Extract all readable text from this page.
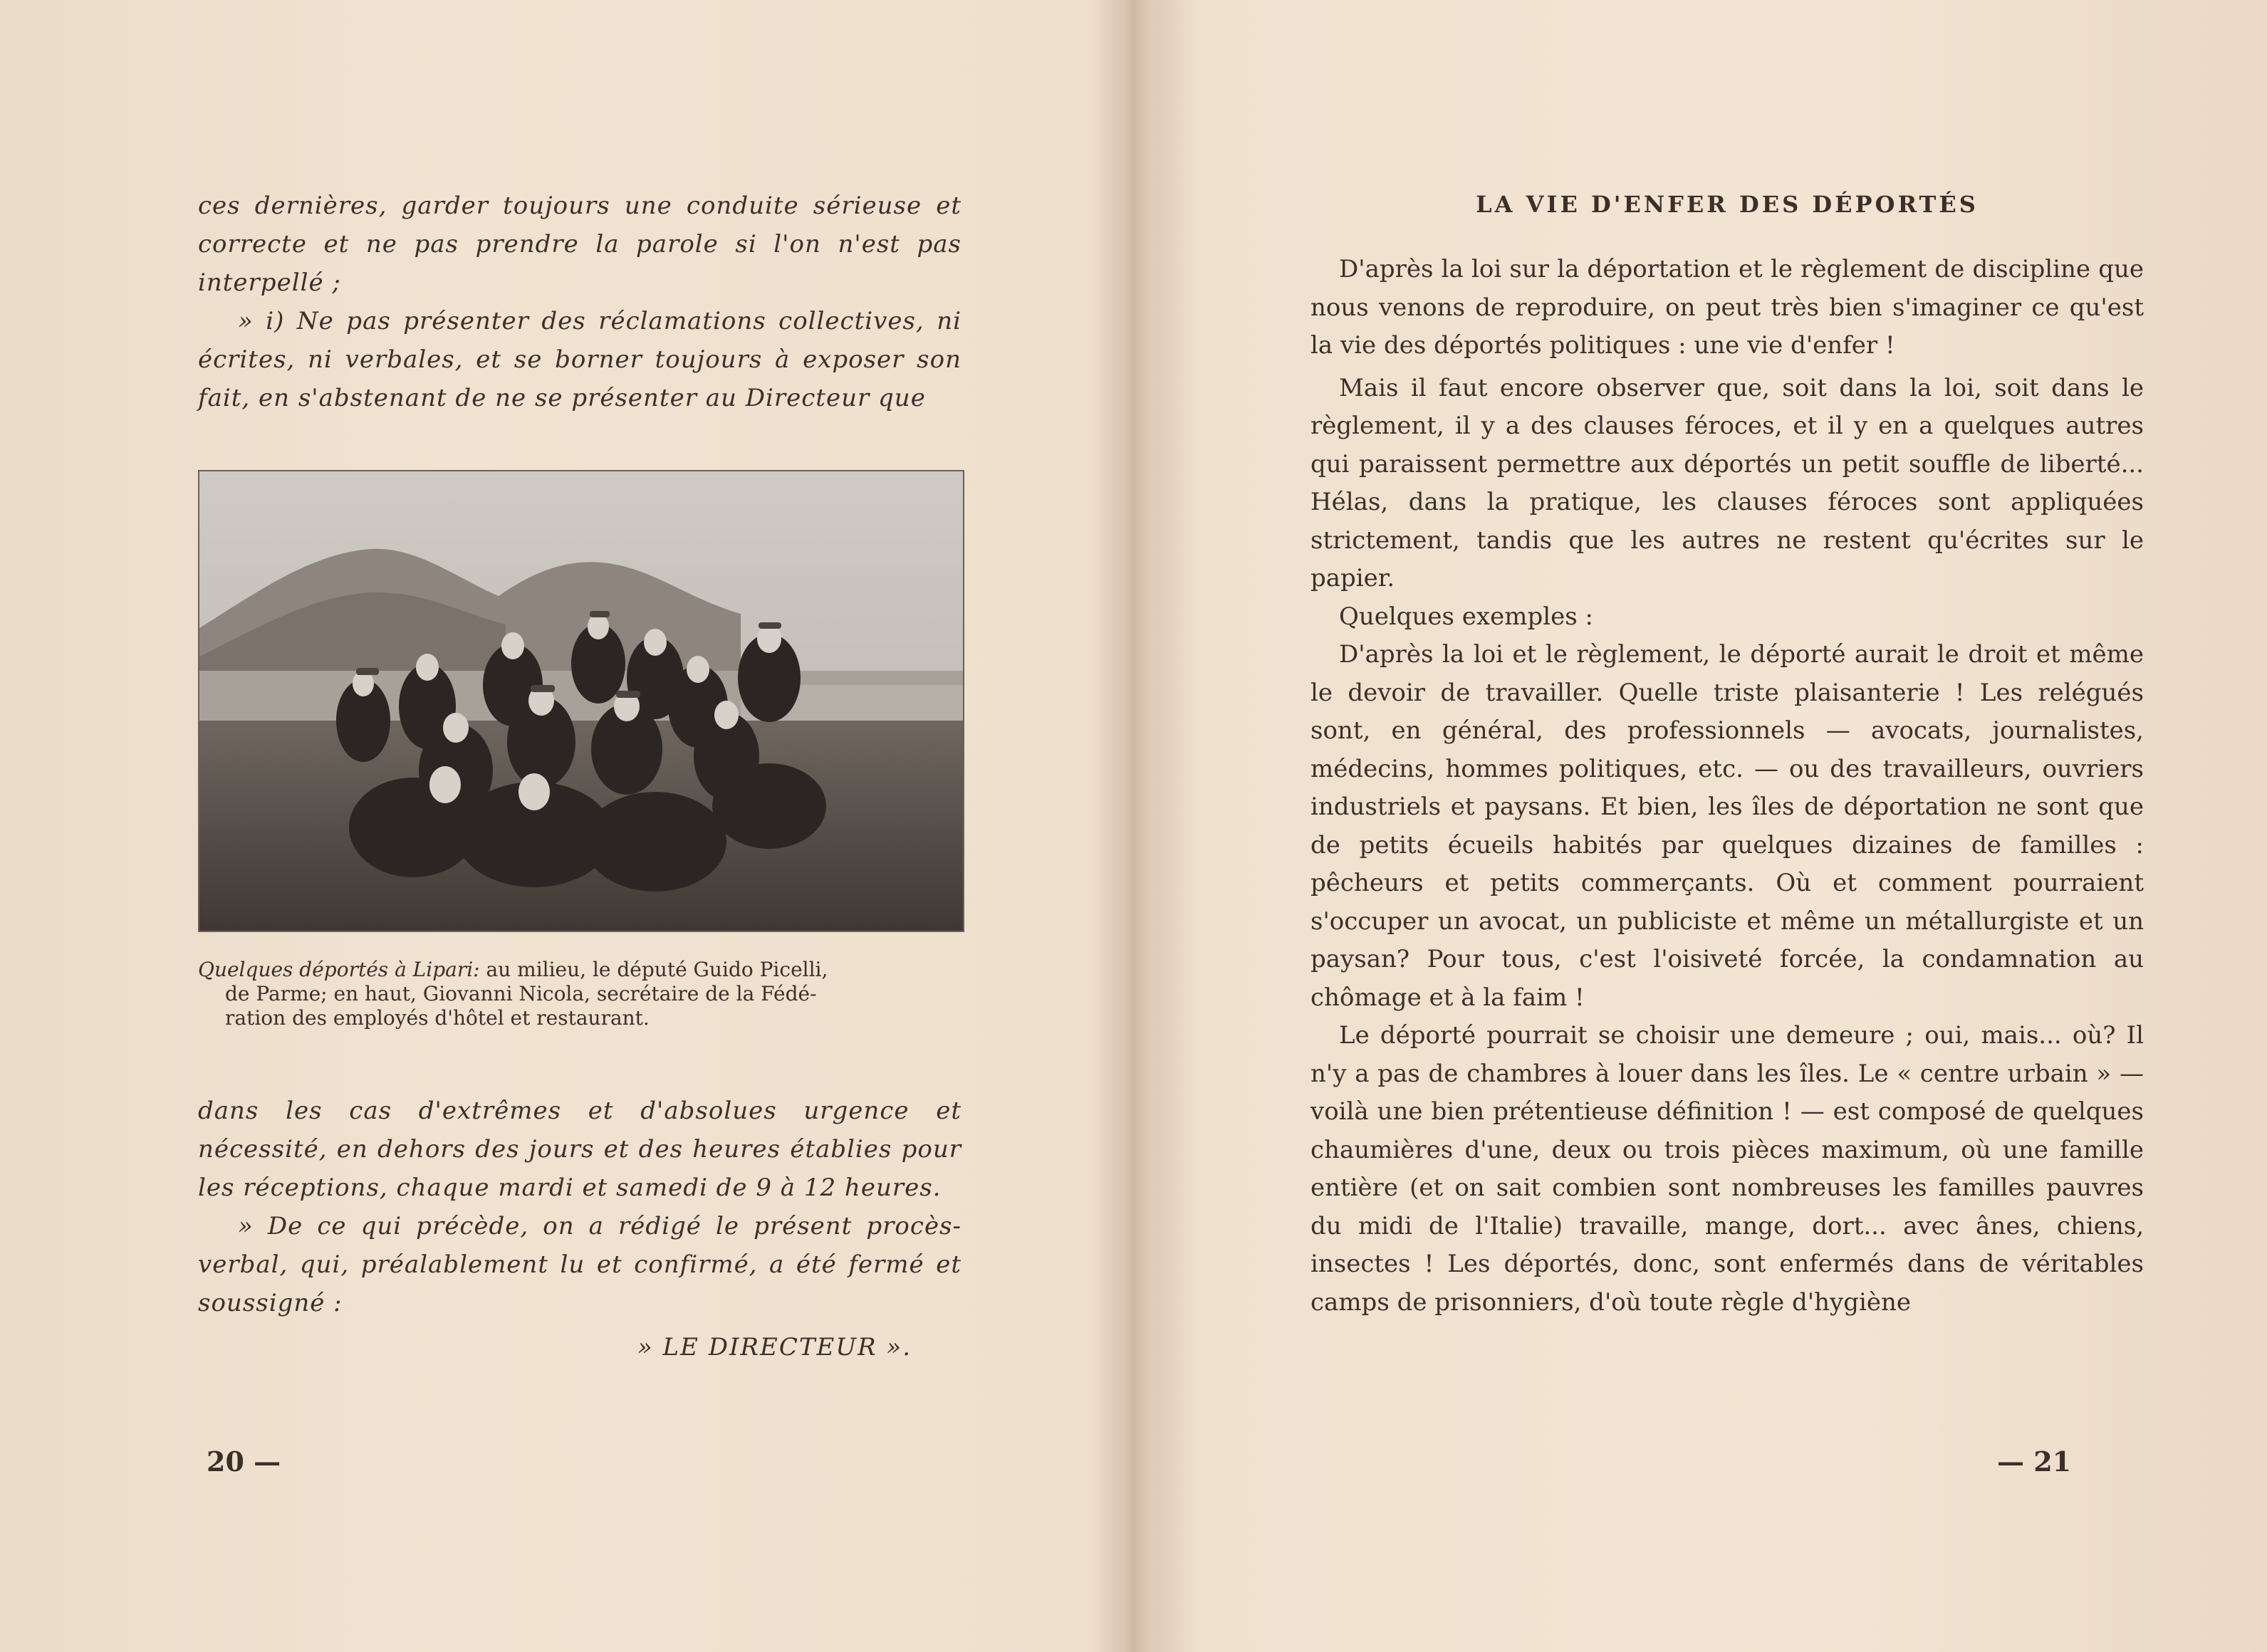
ces dernières, garder toujours une conduite sérieuse et correcte et ne pas prendre la parole si l'on n'est pas interpellé ;

» i) Ne pas présenter des réclamations collectives, ni écrites, ni verbales, et se borner toujours à exposer son fait, en s'abstenant de ne se présenter au Directeur que

Quelques déportés à Lipari: au milieu, le député Guido Picelli,
de Parme; en haut, Giovanni Nicola, secrétaire de la Fédé-
ration des employés d'hôtel et restaurant.

dans les cas d'extrêmes et d'absolues urgence et nécessité, en dehors des jours et des heures établies pour les réceptions, chaque mardi et samedi de 9 à 12 heures.

» De ce qui précède, on a rédigé le présent procès-verbal, qui, préalablement lu et confirmé, a été fermé et soussigné :

» LE DIRECTEUR ».

20 —
LA VIE D'ENFER DES DÉPORTÉS

D'après la loi sur la déportation et le règlement de discipline que nous venons de reproduire, on peut très bien s'imaginer ce qu'est la vie des déportés politiques : une vie d'enfer !

Mais il faut encore observer que, soit dans la loi, soit dans le règlement, il y a des clauses féroces, et il y en a quelques autres qui paraissent permettre aux déportés un petit souffle de liberté... Hélas, dans la pratique, les clauses féroces sont appliquées strictement, tandis que les autres ne restent qu'écrites sur le papier.

Quelques exemples :

D'après la loi et le règlement, le déporté aurait le droit et même le devoir de travailler. Quelle triste plaisanterie ! Les relégués sont, en général, des professionnels — avocats, journalistes, médecins, hommes politiques, etc. — ou des travailleurs, ouvriers industriels et paysans. Et bien, les îles de déportation ne sont que de petits écueils habités par quelques dizaines de familles : pêcheurs et petits commerçants. Où et comment pourraient s'occuper un avocat, un publiciste et même un métallurgiste et un paysan? Pour tous, c'est l'oisiveté forcée, la condamnation au chômage et à la faim !

Le déporté pourrait se choisir une demeure ; oui, mais... où? Il n'y a pas de chambres à louer dans les îles. Le « centre urbain » — voilà une bien prétentieuse définition ! — est composé de quelques chaumières d'une, deux ou trois pièces maximum, où une famille entière (et on sait combien sont nombreuses les familles pauvres du midi de l'Italie) travaille, mange, dort... avec ânes, chiens, insectes ! Les déportés, donc, sont enfermés dans de véritables camps de prisonniers, d'où toute règle d'hygiène

— 21
